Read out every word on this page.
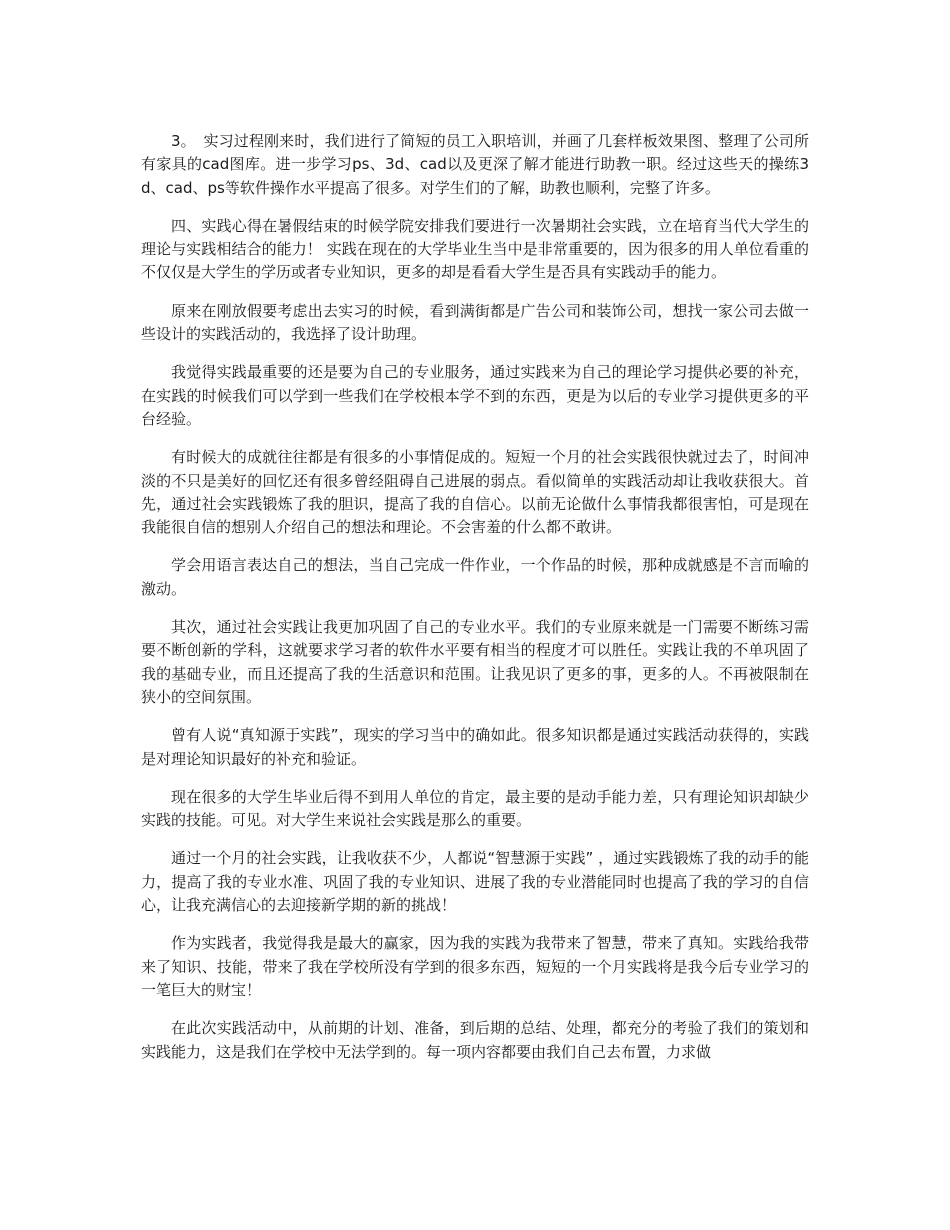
3。　实习过程刚来时，我们进行了简短的员工入职培训，并画了几套样板效果图、整理了公司所有家具的cad图库。进一步学习ps、3d、cad以及更深了解才能进行助教一职。经过这些天的操练3d、cad、ps等软件操作水平提高了很多。对学生们的了解，助教也顺利，完整了许多。

四、实践心得在暑假结束的时候学院安排我们要进行一次暑期社会实践，立在培育当代大学生的理论与实践相结合的能力！ 实践在现在的大学毕业生当中是非常重要的，因为很多的用人单位看重的不仅仅是大学生的学历或者专业知识，更多的却是看看大学生是否具有实践动手的能力。

原来在刚放假要考虑出去实习的时候，看到满街都是广告公司和装饰公司，想找一家公司去做一些设计的实践活动的，我选择了设计助理。

我觉得实践最重要的还是要为自己的专业服务，通过实践来为自己的理论学习提供必要的补充，在实践的时候我们可以学到一些我们在学校根本学不到的东西，更是为以后的专业学习提供更多的平台经验。

有时候大的成就往往都是有很多的小事情促成的。短短一个月的社会实践很快就过去了，时间冲淡的不只是美好的回忆还有很多曾经阻碍自己进展的弱点。看似简单的实践活动却让我收获很大。首先，通过社会实践锻炼了我的胆识，提高了我的自信心。以前无论做什么事情我都很害怕，可是现在我能很自信的想别人介绍自己的想法和理论。不会害羞的什么都不敢讲。

学会用语言表达自己的想法，当自己完成一件作业，一个作品的时候，那种成就感是不言而喻的激动。

其次，通过社会实践让我更加巩固了自己的专业水平。我们的专业原来就是一门需要不断练习需要不断创新的学科，这就要求学习者的软件水平要有相当的程度才可以胜任。实践让我的不单巩固了我的基础专业，而且还提高了我的生活意识和范围。让我见识了更多的事，更多的人。不再被限制在狭小的空间氛围。

曾有人说“真知源于实践”，现实的学习当中的确如此。很多知识都是通过实践活动获得的，实践是对理论知识最好的补充和验证。

现在很多的大学生毕业后得不到用人单位的肯定，最主要的是动手能力差，只有理论知识却缺少实践的技能。可见。对大学生来说社会实践是那么的重要。

通过一个月的社会实践，让我收获不少，人都说“智慧源于实践” ，通过实践锻炼了我的动手的能力，提高了我的专业水准、巩固了我的专业知识、进展了我的专业潜能同时也提高了我的学习的自信心，让我充满信心的去迎接新学期的新的挑战！

作为实践者，我觉得我是最大的赢家，因为我的实践为我带来了智慧，带来了真知。实践给我带来了知识、技能，带来了我在学校所没有学到的很多东西，短短的一个月实践将是我今后专业学习的一笔巨大的财宝！

在此次实践活动中，从前期的计划、准备，到后期的总结、处理，都充分的考验了我们的策划和实践能力，这是我们在学校中无法学到的。每一项内容都要由我们自己去布置，力求做
